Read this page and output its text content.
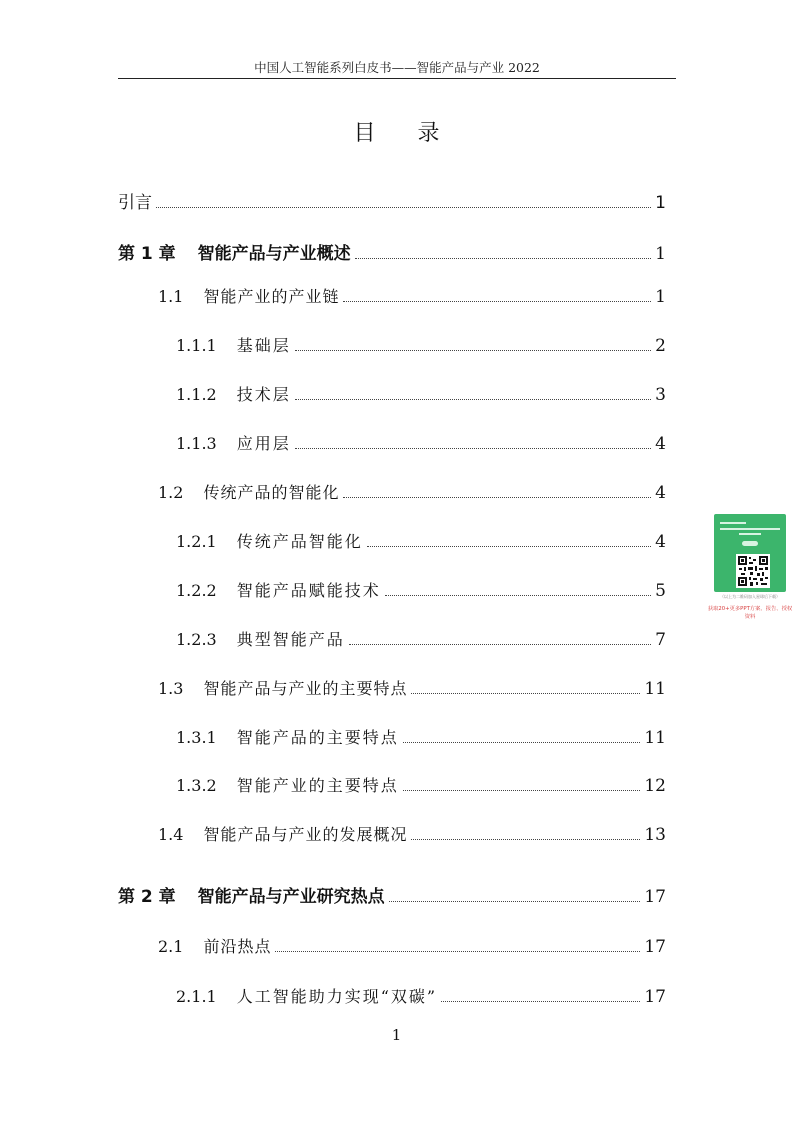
中国人工智能系列白皮书——智能产品与产业 2022
目录
引言	1
第 1 章 智能产品与产业概述	1
1.1 智能产业的产业链	1
1.1.1 基础层	2
1.1.2 技术层	3
1.1.3 应用层	4
1.2 传统产品的智能化	4
1.2.1 传统产品智能化	4
1.2.2 智能产品赋能技术	5
1.2.3 典型智能产品	7
1.3 智能产品与产业的主要特点	11
1.3.1 智能产品的主要特点	11
1.3.2 智能产业的主要特点	12
1.4 智能产品与产业的发展概况	13
第 2 章 智能产品与产业研究热点	17
2.1 前沿热点	17
2.1.1 人工智能助力实现“双碳”	17
1
（以上为二维码加入星球后下载）
获取20+更多PPT方案、报告、授权资料
